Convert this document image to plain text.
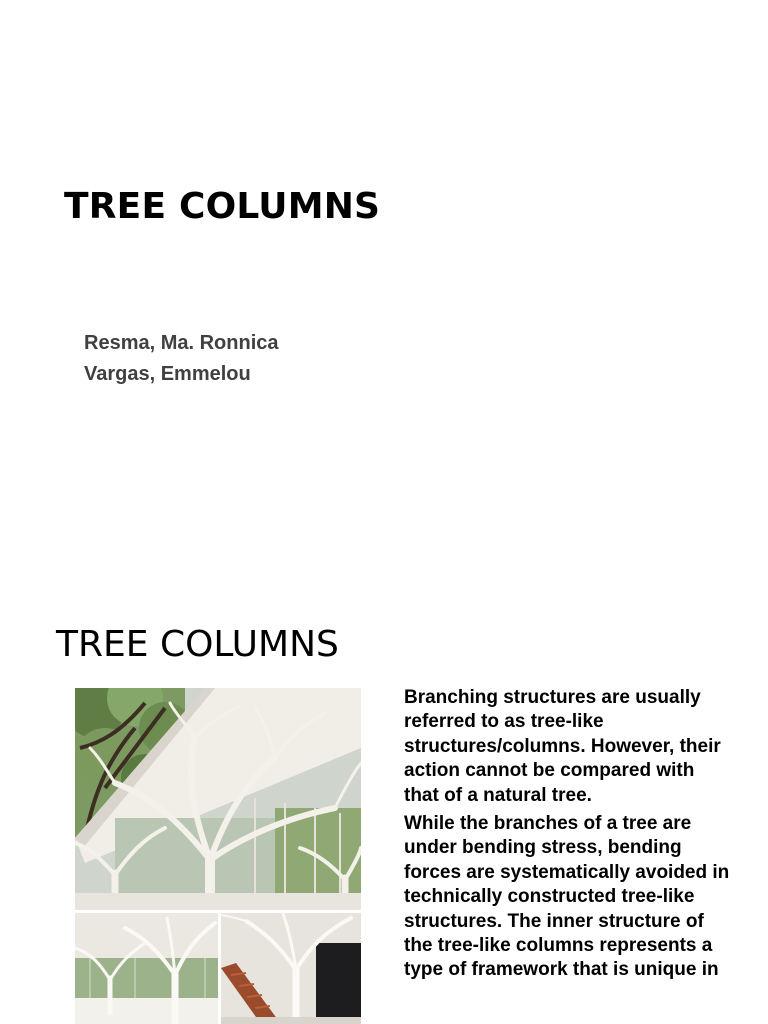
TREE COLUMNS
Resma, Ma. Ronnica
Vargas, Emmelou
TREE COLUMNS

Branching structures are usually referred to as tree-like structures/columns. However, their action cannot be compared with that of a natural tree.

While the branches of a tree are under bending stress, bending forces are systematically avoided in technically constructed tree-like structures. The inner structure of the tree-like columns represents a type of framework that is unique in
